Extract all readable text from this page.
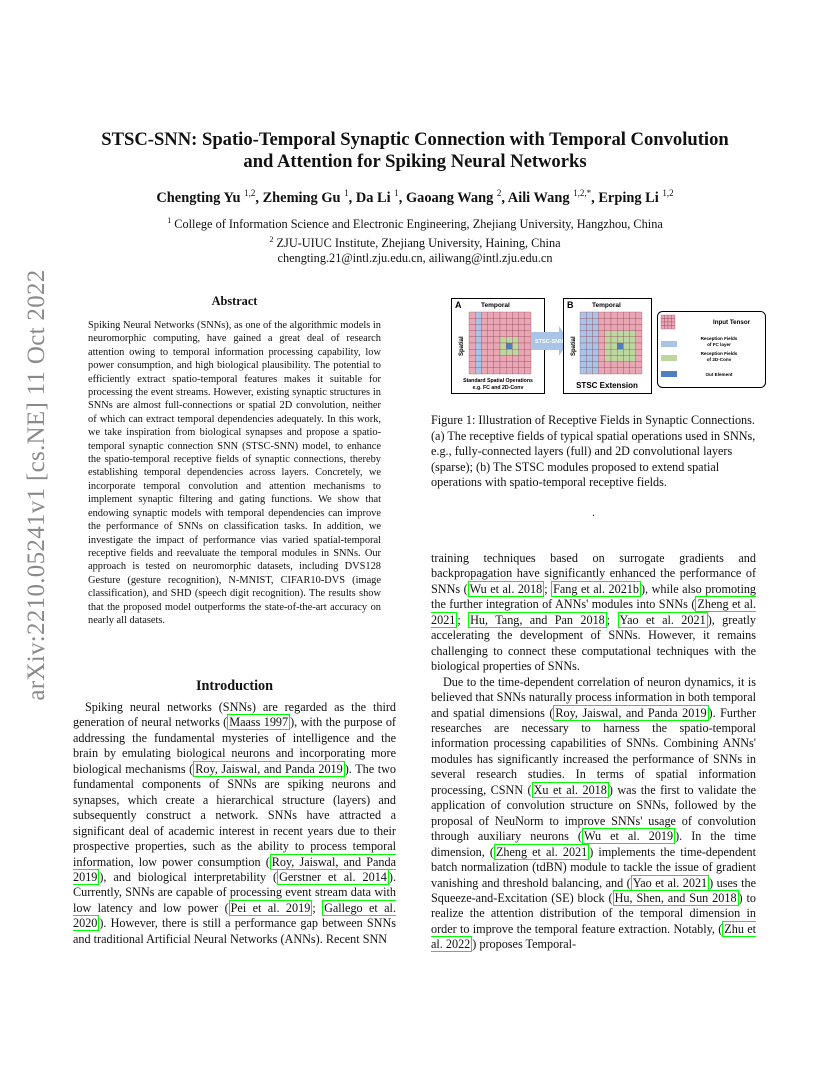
arXiv:2210.05241v1 [cs.NE] 11 Oct 2022
STSC-SNN: Spatio-Temporal Synaptic Connection with Temporal Convolution
and Attention for Spiking Neural Networks

Chengting Yu $^{1,2}$, Zheming Gu $^1$, Da Li $^1$, Gaoang Wang $^2$, Aili Wang $^{1,2,*}$, Erping Li $^{1,2}$

$^1$ College of Information Science and Electronic Engineering, Zhejiang University, Hangzhou, China
$^2$ ZJU-UIUC Institute, Zhejiang University, Haining, China
chengting.21@intl.zju.edu.cn, ailiwang@intl.zju.edu.cn
Abstract

Spiking Neural Networks (SNNs), as one of the algorithmic models in neuromorphic computing, have gained a great deal of research attention owing to temporal information processing capability, low power consumption, and high biological plausibility. The potential to efficiently extract spatio-temporal features makes it suitable for processing the event streams. However, existing synaptic structures in SNNs are almost full-connections or spatial 2D convolution, neither of which can extract temporal dependencies adequately. In this work, we take inspiration from biological synapses and propose a spatio-temporal synaptic connection SNN (STSC-SNN) model, to enhance the spatio-temporal receptive fields of synaptic connections, thereby establishing temporal dependencies across layers. Concretely, we incorporate temporal convolution and attention mechanisms to implement synaptic filtering and gating functions. We show that endowing synaptic models with temporal dependencies can improve the performance of SNNs on classification tasks. In addition, we investigate the impact of performance vias varied spatial-temporal receptive fields and reevaluate the temporal modules in SNNs. Our approach is tested on neuromorphic datasets, including DVS128 Gesture (gesture recognition), N-MNIST, CIFAR10-DVS (image classification), and SHD (speech digit recognition). The results show that the proposed model outperforms the state-of-the-art accuracy on nearly all datasets.

Introduction

Spiking neural networks (SNNs) are regarded as the third generation of neural networks ( Maass 1997 ), with the purpose of addressing the fundamental mysteries of intelligence and the brain by emulating biological neurons and incorporating more biological mechanisms ( Roy, Jaiswal, and Panda 2019 ). The two fundamental components of SNNs are spiking neurons and synapses, which create a hierarchical structure (layers) and subsequently construct a network. SNNs have attracted a significant deal of academic interest in recent years due to their prospective properties, such as the ability to process temporal information, low power consumption ( Roy, Jaiswal, and Panda 2019 ), and biological interpretability ( Gerstner et al. 2014 ). Currently, SNNs are capable of processing event stream data with low latency and low power ( Pei et al. 2019 ; Gallego et al. 2020 ). However, there is still a performance gap between SNNs and traditional Artificial Neural Networks (ANNs). Recent SNN

A	Temporal
Spatial
Standard Spatial Operations
e.g. FC and 2D-Conv
STSC-SNN
B	Temporal
Spatial
STSC Extension
Input Tensor
Reception Fields
of FC layer
Reception Fields
of 2D-Conv
Out Element

Figure 1: Illustration of Receptive Fields in Synaptic Connections. (a) The receptive fields of typical spatial operations used in SNNs, e.g., fully-connected layers (full) and 2D convolutional layers (sparse); (b) The STSC modules proposed to extend spatial operations with spatio-temporal receptive fields.

.

training techniques based on surrogate gradients and backpropagation have significantly enhanced the performance of SNNs ( Wu et al. 2018 ; Fang et al. 2021b ), while also promoting the further integration of ANNs' modules into SNNs ( Zheng et al. 2021 ; Hu, Tang, and Pan 2018 ; Yao et al. 2021 ), greatly accelerating the development of SNNs. However, it remains challenging to connect these computational techniques with the biological properties of SNNs.

Due to the time-dependent correlation of neuron dynamics, it is believed that SNNs naturally process information in both temporal and spatial dimensions ( Roy, Jaiswal, and Panda 2019 ). Further researches are necessary to harness the spatio-temporal information processing capabilities of SNNs. Combining ANNs' modules has significantly increased the performance of SNNs in several research studies. In terms of spatial information processing, CSNN ( Xu et al. 2018 ) was the first to validate the application of convolution structure on SNNs, followed by the proposal of NeuNorm to improve SNNs' usage of convolution through auxiliary neurons ( Wu et al. 2019 ). In the time dimension, ( Zheng et al. 2021 ) implements the time-dependent batch normalization (tdBN) module to tackle the issue of gradient vanishing and threshold balancing, and ( Yao et al. 2021 ) uses the Squeeze-and-Excitation (SE) block ( Hu, Shen, and Sun 2018 ) to realize the attention distribution of the temporal dimension in order to improve the temporal feature extraction. Notably, ( Zhu et al. 2022 ) proposes Temporal-
